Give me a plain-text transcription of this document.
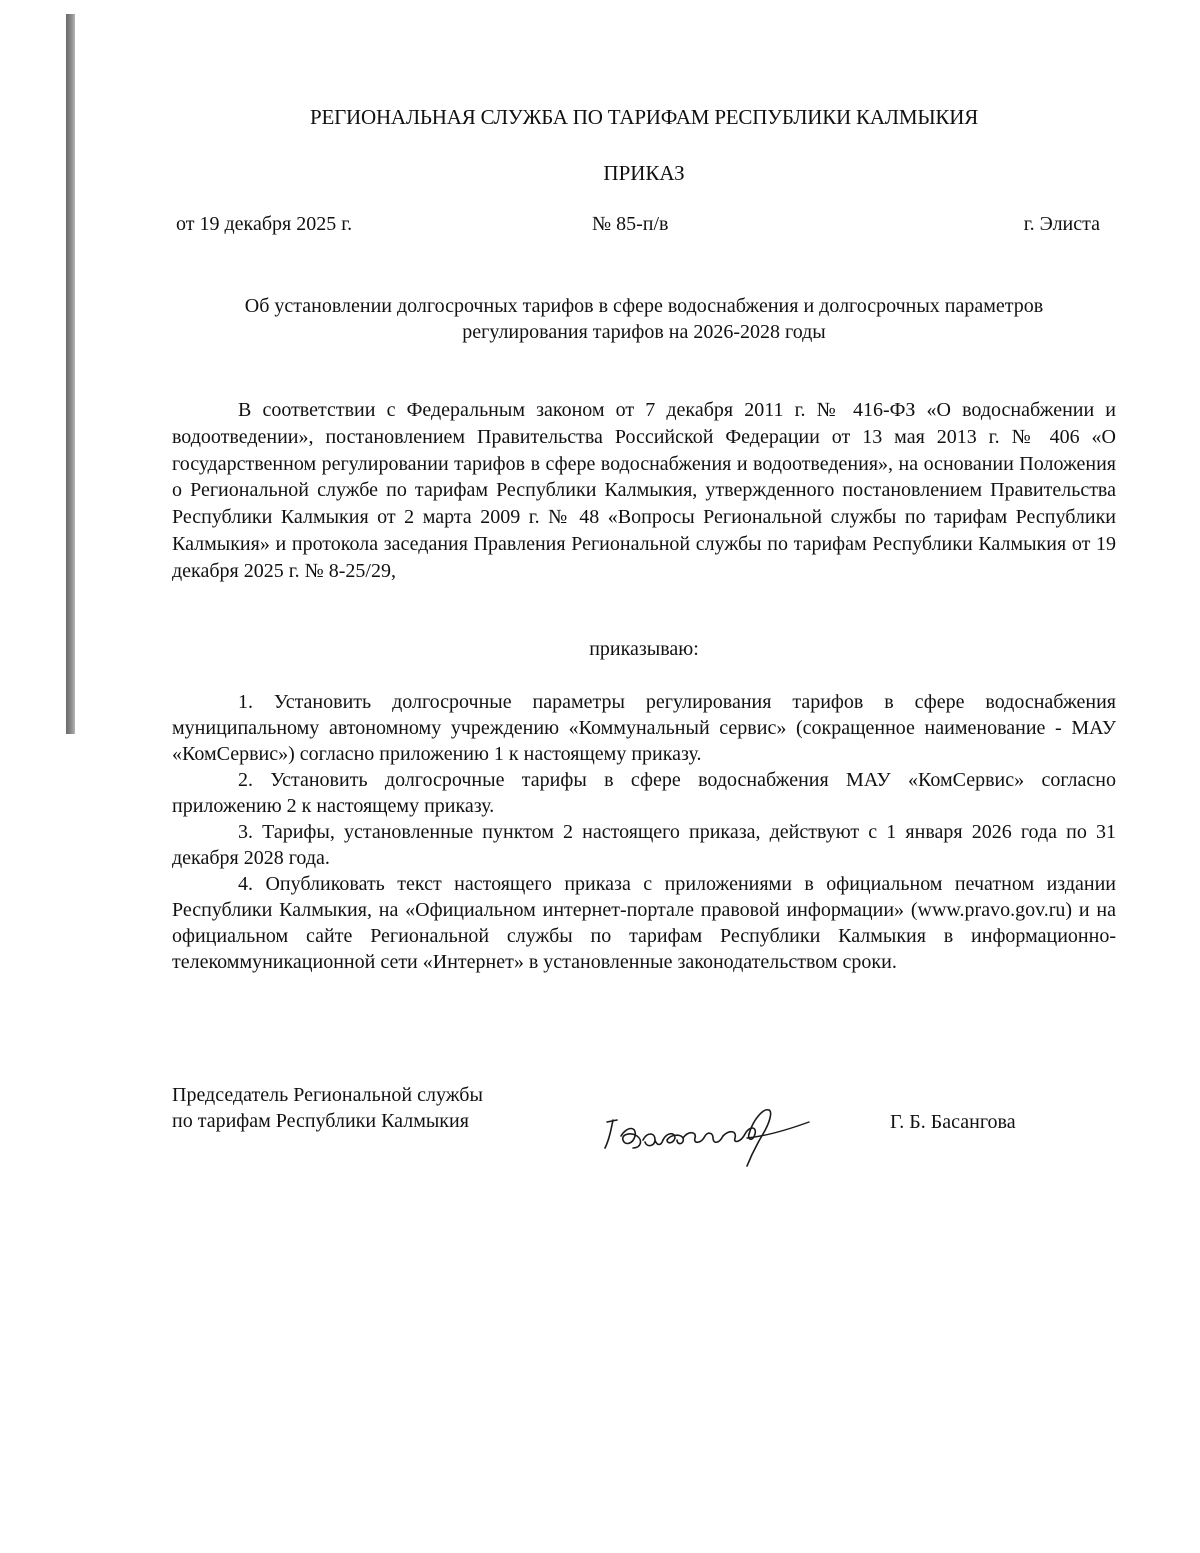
РЕГИОНАЛЬНАЯ СЛУЖБА ПО ТАРИФАМ РЕСПУБЛИКИ КАЛМЫКИЯ
ПРИКАЗ
от 19 декабря 2025 г.	№ 85-п/в	г. Элиста
Об установлении долгосрочных тарифов в сфере водоснабжения и долгосрочных параметров
регулирования тарифов на 2026-2028 годы

В соответствии с Федеральным законом от 7 декабря 2011 г. № 416-ФЗ «О водоснабжении и водоотведении», постановлением Правительства Российской Федерации от 13 мая 2013 г. № 406 «О государственном регулировании тарифов в сфере водоснабжения и водоотведения», на основании Положения о Региональной службе по тарифам Республики Калмыкия, утвержденного постановлением Правительства Республики Калмыкия от 2 марта 2009 г. № 48 «Вопросы Региональной службы по тарифам Республики Калмыкия» и протокола заседания Правления Региональной службы по тарифам Республики Калмыкия от 19 декабря 2025 г. № 8-25/29,

приказываю:
1. Установить долгосрочные параметры регулирования тарифов в сфере водоснабжения муниципальному автономному учреждению «Коммунальный сервис» (сокращенное наименование - МАУ «КомСервис») согласно приложению 1 к настоящему приказу.
2. Установить долгосрочные тарифы в сфере водоснабжения МАУ «КомСервис» согласно приложению 2 к настоящему приказу.
3. Тарифы, установленные пунктом 2 настоящего приказа, действуют с 1 января 2026 года по 31 декабря 2028 года.
4. Опубликовать текст настоящего приказа с приложениями в официальном печатном издании Республики Калмыкия, на «Официальном интернет-портале правовой информации» (www.pravo.gov.ru) и на официальном сайте Региональной службы по тарифам Республики Калмыкия в информационно-телекоммуникационной сети «Интернет» в установленные законодательством сроки.
Председатель Региональной службы
по тарифам Республики Калмыкия	Г. Б. Басангова
